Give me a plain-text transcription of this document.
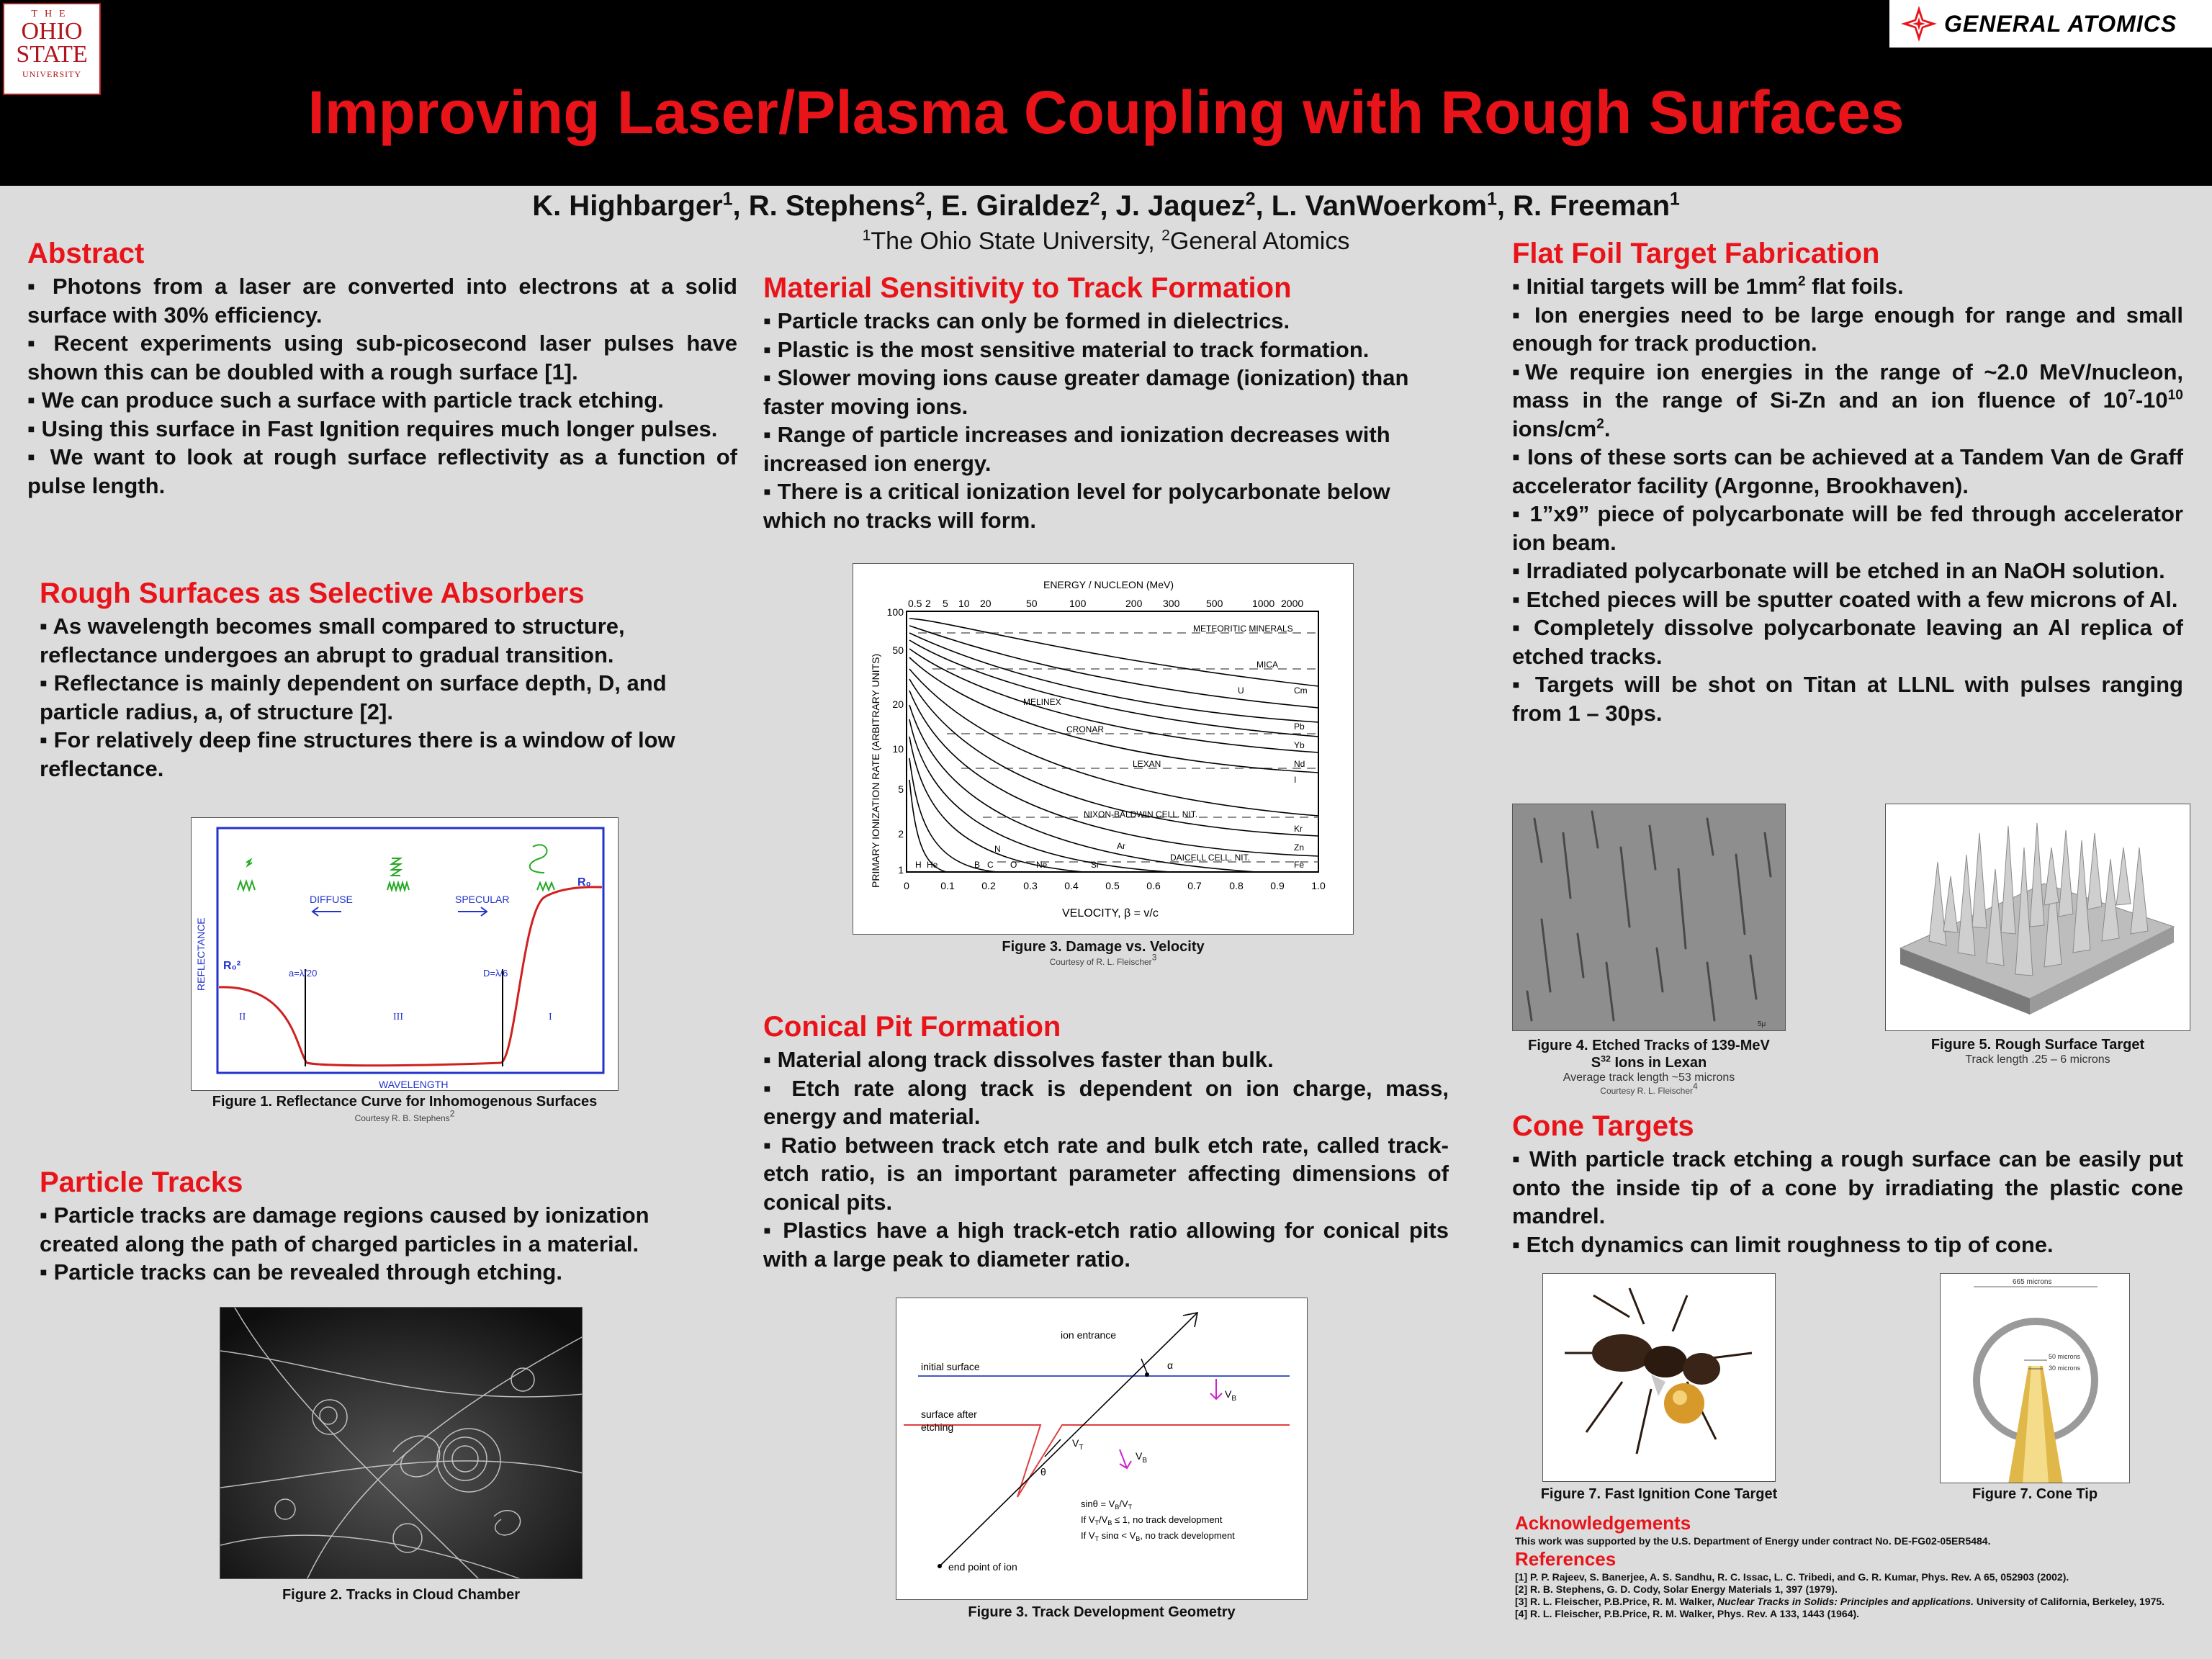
THE
OHIO
STATE
UNIVERSITY
GENERAL ATOMICS
Improving Laser/Plasma Coupling with Rough Surfaces
K. Highbarger$^1$, R. Stephens$^2$, E. Giraldez$^2$, J. Jaquez$^2$, L. VanWoerkom$^1$, R. Freeman$^1$
$^1$The Ohio State University, $^2$General Atomics
Abstract

▪ Photons from a laser are converted into electrons at a solid surface with 30% efficiency.

▪ Recent experiments using sub-picosecond laser pulses have shown this can be doubled with a rough surface [1].

▪ We can produce such a surface with particle track etching.

▪ Using this surface in Fast Ignition requires much longer pulses.

▪ We want to look at rough surface reflectivity as a function of pulse length.

Rough Surfaces as Selective Absorbers

▪ As wavelength becomes small compared to structure, reflectance undergoes an abrupt to gradual transition.

▪ Reflectance is mainly dependent on surface depth, D, and particle radius, a, of structure [2].

▪ For relatively deep fine structures there is a window of low reflectance.

REFLECTANCE
WAVELENGTH
DIFFUSE	SPECULAR
R₀
R₀²
a=λ/20	D=λ/6
II	III	I
Figure 1. Reflectance Curve for Inhomogenous Surfaces
Courtesy R. B. Stephens$^2$
Particle Tracks

▪ Particle tracks are damage regions caused by ionization created along the path of charged particles in a material.

▪ Particle tracks can be revealed through etching.

Figure 2. Tracks in Cloud Chamber
Material Sensitivity to Track Formation

▪ Particle tracks can only be formed in dielectrics.

▪ Plastic is the most sensitive material to track formation.

▪ Slower moving ions cause greater damage (ionization) than faster moving ions.

▪ Range of particle increases and ionization decreases with increased ion energy.

▪ There is a critical ionization level for polycarbonate below which no tracks will form.

ENERGY / NUCLEON (MeV)
0.5 2 5 10 20	50	100	200 300	500	1000 2000
100
50
20
10
5
2
1
PRIMARY IONIZATION RATE (ARBITRARY UNITS) 0	0.1	0.2	0.3	0.4	0.5	0.6	0.7	0.8	0.9	1.0
VELOCITY, β = v/c
METEORITIC MINERALS
MICA
MELINEX
CRONAR
LEXAN
NIXON-BALDWIN CELL. NIT.
DAICELL CELL. NIT.
U	Cm
Pb
Yb
Nd
I
Kr
Zn
Fe
Ar
Si
Ne
O
C
B
N
He
H
Figure 3. Damage vs. Velocity
Courtesy of R. L. Fleischer$^3$
Conical Pit Formation

▪ Material along track dissolves faster than bulk.

▪ Etch rate along track is dependent on ion charge, mass, energy and material.

▪ Ratio between track etch rate and bulk etch rate, called track-etch ratio, is an important parameter affecting dimensions of conical pits.

▪ Plastics have a high track-etch ratio allowing for conical pits with a large peak to diameter ratio.

ion entrance
initial surface
surface after
etching
end point of ion
α
θ
$V_B$
$V_B$
$V_T$
$\sin\theta = V_B/V_T$
If $V_T/V_B \le 1$, no track development
If $V_T$ $\sin\alpha < V_B$, no track development
Figure 3. Track Development Geometry
Flat Foil Target Fabrication

▪ Initial targets will be $1mm^2$ flat foils.

▪ Ion energies need to be large enough for range and small enough for track production.

▪We require ion energies in the range of ~2.0 MeV/nucleon, mass in the range of Si-Zn and an ion fluence of $10^7-10^{10}$ ions/$cm^2$.

▪ Ions of these sorts can be achieved at a Tandem Van de Graff accelerator facility (Argonne, Brookhaven).

▪ 1”x9” piece of polycarbonate will be fed through accelerator ion beam.

▪ Irradiated polycarbonate will be etched in an NaOH solution.

▪ Etched pieces will be sputter coated with a few microns of Al.

▪ Completely dissolve polycarbonate leaving an Al replica of etched tracks.

▪ Targets will be shot on Titan at LLNL with pulses ranging from 1 – 30ps.

5μ
Figure 4. Etched Tracks of 139-MeV
$S^{32}$ Ions in Lexan
Average track length ~53 microns
Courtesy R. L. Fleischer$^4$
Figure 5. Rough Surface Target
Track length .25 – 6 microns
Cone Targets

▪ With particle track etching a rough surface can be easily put onto the inside tip of a cone by irradiating the plastic cone mandrel.

▪ Etch dynamics can limit roughness to tip of cone.

Figure 7. Fast Ignition Cone Target
665 microns
50 microns
30 microns
Figure 7. Cone Tip
Acknowledgements

This work was supported by the U.S. Department of Energy under contract No. DE-FG02-05ER5484.

References

[1] P. P. Rajeev, S. Banerjee, A. S. Sandhu, R. C. Issac, L. C. Tribedi, and G. R. Kumar, Phys. Rev. A 65, 052903 (2002).

[2] R. B. Stephens, G. D. Cody, Solar Energy Materials 1, 397 (1979).

[3] R. L. Fleischer, P.B.Price, R. M. Walker, Nuclear Tracks in Solids: Principles and applications. University of California, Berkeley, 1975.

[4] R. L. Fleischer, P.B.Price, R. M. Walker, Phys. Rev. A 133, 1443 (1964).
